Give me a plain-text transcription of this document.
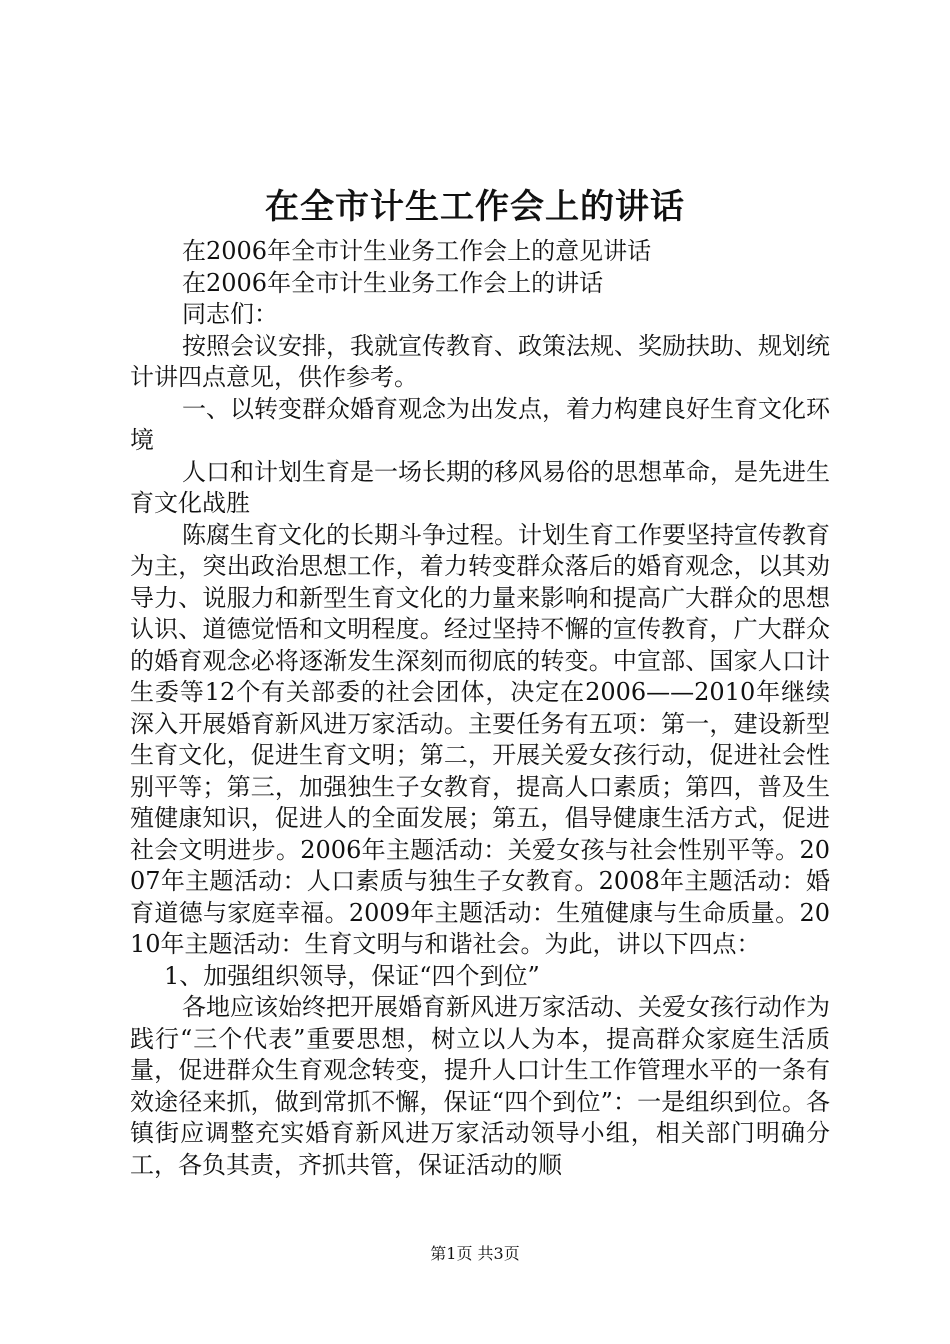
在全市计生工作会上的讲话

在2006年全市计生业务工作会上的意见讲话

在2006年全市计生业务工作会上的讲话

同志们：

按照会议安排，我就宣传教育、政策法规、奖励扶助、规划统计讲四点意见，供作参考。

一、以转变群众婚育观念为出发点，着力构建良好生育文化环境

人口和计划生育是一场长期的移风易俗的思想革命，是先进生育文化战胜

陈腐生育文化的长期斗争过程。计划生育工作要坚持宣传教育为主，突出政治思想工作，着力转变群众落后的婚育观念，以其劝导力、说服力和新型生育文化的力量来影响和提高广大群众的思想认识、道德觉悟和文明程度。经过坚持不懈的宣传教育，广大群众的婚育观念必将逐渐发生深刻而彻底的转变。中宣部、国家人口计生委等12个有关部委的社会团体，决定在2006——2010年继续深入开展婚育新风进万家活动。主要任务有五项：第一，建设新型生育文化，促进生育文明；第二，开展关爱女孩行动，促进社会性别平等；第三，加强独生子女教育，提高人口素质；第四，普及生殖健康知识，促进人的全面发展；第五，倡导健康生活方式，促进社会文明进步。2006年主题活动：关爱女孩与社会性别平等。2007年主题活动：人口素质与独生子女教育。2008年主题活动：婚育道德与家庭幸福。2009年主题活动：生殖健康与生命质量。2010年主题活动：生育文明与和谐社会。为此，讲以下四点：

1、加强组织领导，保证“四个到位”

各地应该始终把开展婚育新风进万家活动、关爱女孩行动作为践行“三个代表”重要思想，树立以人为本，提高群众家庭生活质量，促进群众生育观念转变，提升人口计生工作管理水平的一条有效途径来抓，做到常抓不懈，保证“四个到位”：一是组织到位。各镇街应调整充实婚育新风进万家活动领导小组，相关部门明确分工，各负其责，齐抓共管，保证活动的顺

第1页 共3页
